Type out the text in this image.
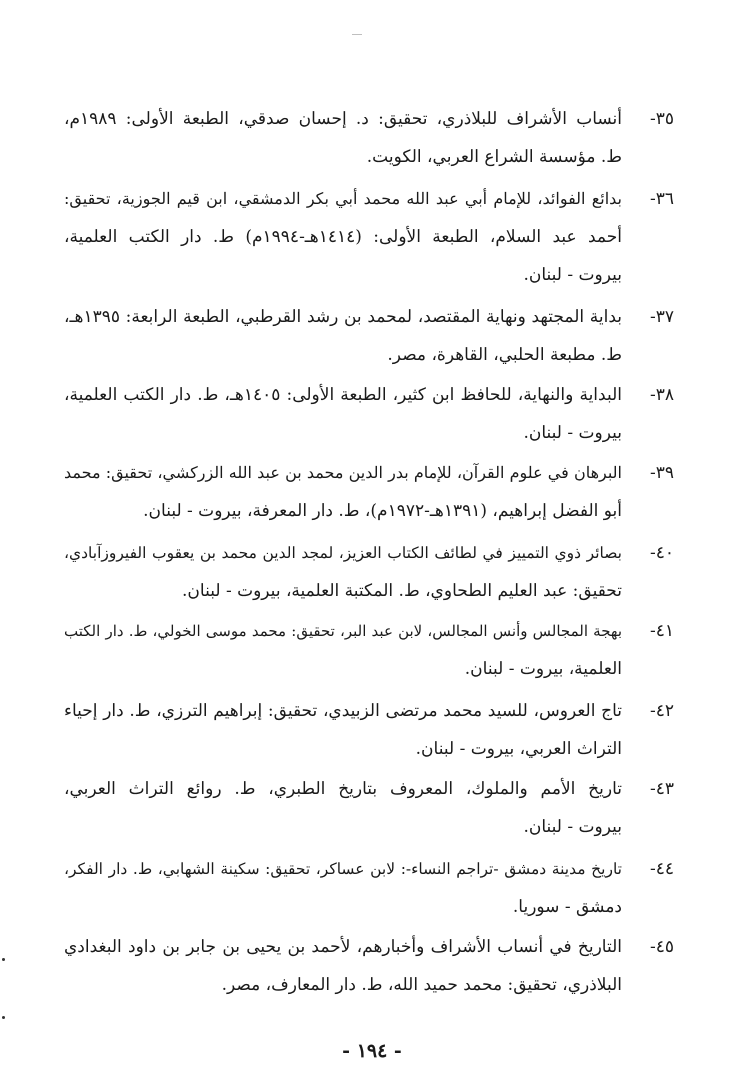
٣٥-
أنساب الأشراف للبلاذري، تحقيق: د. إحسان صدقي، الطبعة الأولى: ١٩٨٩م،
ط. مؤسسة الشراع العربي، الكويت.
٣٦-
بدائع الفوائد، للإمام أبي عبد الله محمد أبي بكر الدمشقي، ابن قيم الجوزية، تحقيق:
أحمد عبد السلام، الطبعة الأولى: (١٤١٤هـ-١٩٩٤م) ط. دار الكتب العلمية،
بيروت - لبنان.
٣٧-
بداية المجتهد ونهاية المقتصد، لمحمد بن رشد القرطبي، الطبعة الرابعة: ١٣٩٥هـ،
ط. مطبعة الحلبي، القاهرة، مصر.
٣٨-
البداية والنهاية، للحافظ ابن كثير، الطبعة الأولى: ١٤٠٥هـ، ط. دار الكتب العلمية،
بيروت - لبنان.
٣٩-
البرهان في علوم القرآن، للإمام بدر الدين محمد بن عبد الله الزركشي، تحقيق: محمد
أبو الفضل إبراهيم، (١٣٩١هـ-١٩٧٢م)، ط. دار المعرفة، بيروت - لبنان.
٤٠-
بصائر ذوي التمييز في لطائف الكتاب العزيز، لمجد الدين محمد بن يعقوب الفيروزآبادي،
تحقيق: عبد العليم الطحاوي، ط. المكتبة العلمية، بيروت - لبنان.
٤١-
بهجة المجالس وأنس المجالس، لابن عبد البر، تحقيق: محمد موسى الخولي، ط. دار الكتب
العلمية، بيروت - لبنان.
٤٢-
تاج العروس، للسيد محمد مرتضى الزبيدي، تحقيق: إبراهيم الترزي، ط. دار إحياء
التراث العربي، بيروت - لبنان.
٤٣-
تاريخ الأمم والملوك، المعروف بتاريخ الطبري، ط. روائع التراث العربي،
بيروت - لبنان.
٤٤-
تاريخ مدينة دمشق -تراجم النساء-: لابن عساكر، تحقيق: سكينة الشهابي، ط. دار الفكر،
دمشق - سوريا.
٤٥-
التاريخ في أنساب الأشراف وأخبارهم، لأحمد بن يحيى بن جابر بن داود البغدادي
البلاذري، تحقيق: محمد حميد الله، ط. دار المعارف، مصر.
- ١٩٤ -
